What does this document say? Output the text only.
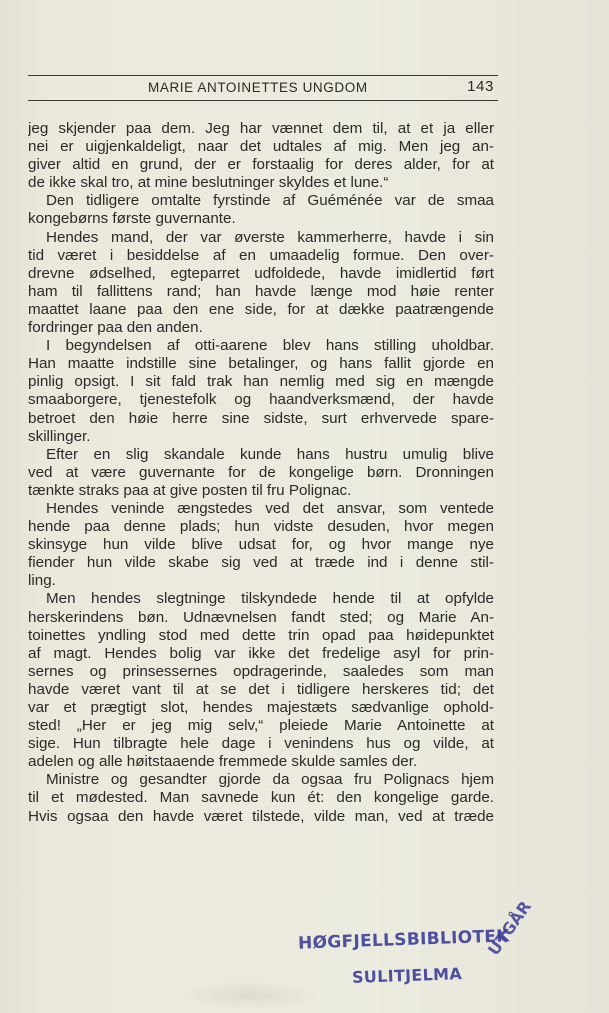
MARIE ANTOINETTES UNGDOM	143
jeg skjender paa dem. Jeg har vænnet dem til, at et ja eller
nei er uigjenkaldeligt, naar det udtales af mig. Men jeg an-
giver altid en grund, der er forstaalig for deres alder, for at
de ikke skal tro, at mine beslutninger skyldes et lune.“
Den tidligere omtalte fyrstinde af Guéménée var de smaa
kongebørns første guvernante.
Hendes mand, der var øverste kammerherre, havde i sin
tid været i besiddelse af en umaadelig formue. Den over-
drevne ødselhed, egteparret udfoldede, havde imidlertid ført
ham til fallittens rand; han havde længe mod høie renter
maattet laane paa den ene side, for at dække paatrængende
fordringer paa den anden.
I begyndelsen af otti-aarene blev hans stilling uholdbar.
Han maatte indstille sine betalinger, og hans fallit gjorde en
pinlig opsigt. I sit fald trak han nemlig med sig en mængde
smaaborgere, tjenestefolk og haandverksmænd, der havde
betroet den høie herre sine sidste, surt erhvervede spare-
skillinger.
Efter en slig skandale kunde hans hustru umulig blive
ved at være guvernante for de kongelige børn. Dronningen
tænkte straks paa at give posten til fru Polignac.
Hendes veninde ængstedes ved det ansvar, som ventede
hende paa denne plads; hun vidste desuden, hvor megen
skinsyge hun vilde blive udsat for, og hvor mange nye
fiender hun vilde skabe sig ved at træde ind i denne stil-
ling.
Men hendes slegtninge tilskyndede hende til at opfylde
herskerindens bøn. Udnævnelsen fandt sted; og Marie An-
toinettes yndling stod med dette trin opad paa høidepunktet
af magt. Hendes bolig var ikke det fredelige asyl for prin-
sernes og prinsessernes opdragerinde, saaledes som man
havde været vant til at se det i tidligere herskeres tid; det
var et prægtigt slot, hendes majestæts sædvanlige ophold-
sted! „Her er jeg mig selv,“ pleiede Marie Antoinette at
sige. Hun tilbragte hele dage i venindens hus og vilde, at
adelen og alle høitstaaende fremmede skulde samles der.
Ministre og gesandter gjorde da ogsaa fru Polignacs hjem
til et mødested. Man savnede kun ét: den kongelige garde.
Hvis ogsaa den havde været tilstede, vilde man, ved at træde
HØGFJELLSBIBLIOTEK
SULITJELMA
UTGÅR
